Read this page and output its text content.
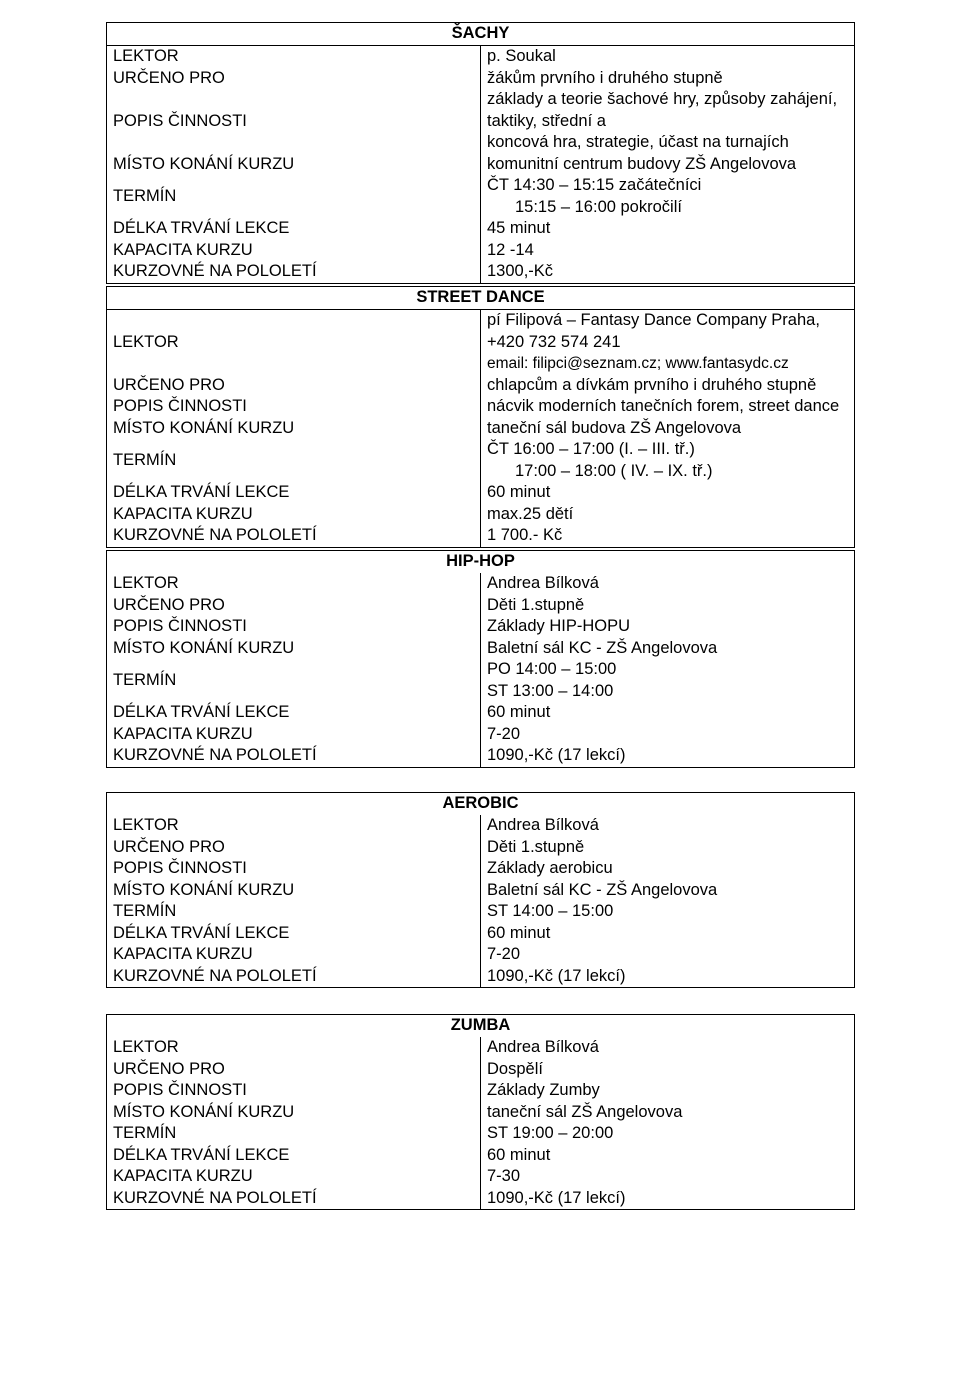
ŠACHY	
LEKTOR	p. Soukal
URČENO PRO	žákům prvního i druhého stupně
POPIS ČINNOSTI	základy a teorie šachové hry, způsoby zahájení, taktiky, střední a
koncová hra, strategie, účast na turnajích

MÍSTO KONÁNÍ KURZU	komunitní centrum budovy ZŠ Angelovova
TERMÍN	ČT 14:30 – 15:15 začátečníci
15:15 – 16:00 pokročilí

DÉLKA TRVÁNÍ LEKCE	45 minut
KAPACITA KURZU	12 -14
KURZOVNÉ NA POLOLETÍ	1300,-Kč
STREET DANCE	
LEKTOR	pí Filipová – Fantasy Dance Company Praha, +420 732 574 241
email: filipci@seznam.cz; www.fantasydc.cz

URČENO PRO	chlapcům a dívkám prvního i druhého stupně
POPIS ČINNOSTI	nácvik moderních tanečních forem, street dance
MÍSTO KONÁNÍ KURZU	taneční sál budova ZŠ Angelovova
TERMÍN	ČT 16:00 – 17:00 (I. – III. tř.)
17:00 – 18:00 ( IV. – IX. tř.)

DÉLKA TRVÁNÍ LEKCE	60 minut
KAPACITA KURZU	max.25 dětí
KURZOVNÉ NA POLOLETÍ	1 700.- Kč
HIP-HOP	
LEKTOR	Andrea Bílková
URČENO PRO	Děti 1.stupně
POPIS ČINNOSTI	Základy HIP-HOPU
MÍSTO KONÁNÍ KURZU	Baletní sál KC - ZŠ Angelovova
TERMÍN	PO 14:00 – 15:00
ST 13:00 – 14:00

DÉLKA TRVÁNÍ LEKCE	60 minut
KAPACITA KURZU	7-20
KURZOVNÉ NA POLOLETÍ	1090,-Kč (17 lekcí)
AEROBIC	
LEKTOR	Andrea Bílková
URČENO PRO	Děti 1.stupně
POPIS ČINNOSTI	Základy aerobicu
MÍSTO KONÁNÍ KURZU	Baletní sál KC - ZŠ Angelovova
TERMÍN	ST 14:00 – 15:00
DÉLKA TRVÁNÍ LEKCE	60 minut
KAPACITA KURZU	7-20
KURZOVNÉ NA POLOLETÍ	1090,-Kč (17 lekcí)
ZUMBA	
LEKTOR	Andrea Bílková
URČENO PRO	Dospělí
POPIS ČINNOSTI	Základy Zumby
MÍSTO KONÁNÍ KURZU	taneční sál ZŠ Angelovova
TERMÍN	ST 19:00 – 20:00
DÉLKA TRVÁNÍ LEKCE	60 minut
KAPACITA KURZU	7-30
KURZOVNÉ NA POLOLETÍ	1090,-Kč (17 lekcí)
